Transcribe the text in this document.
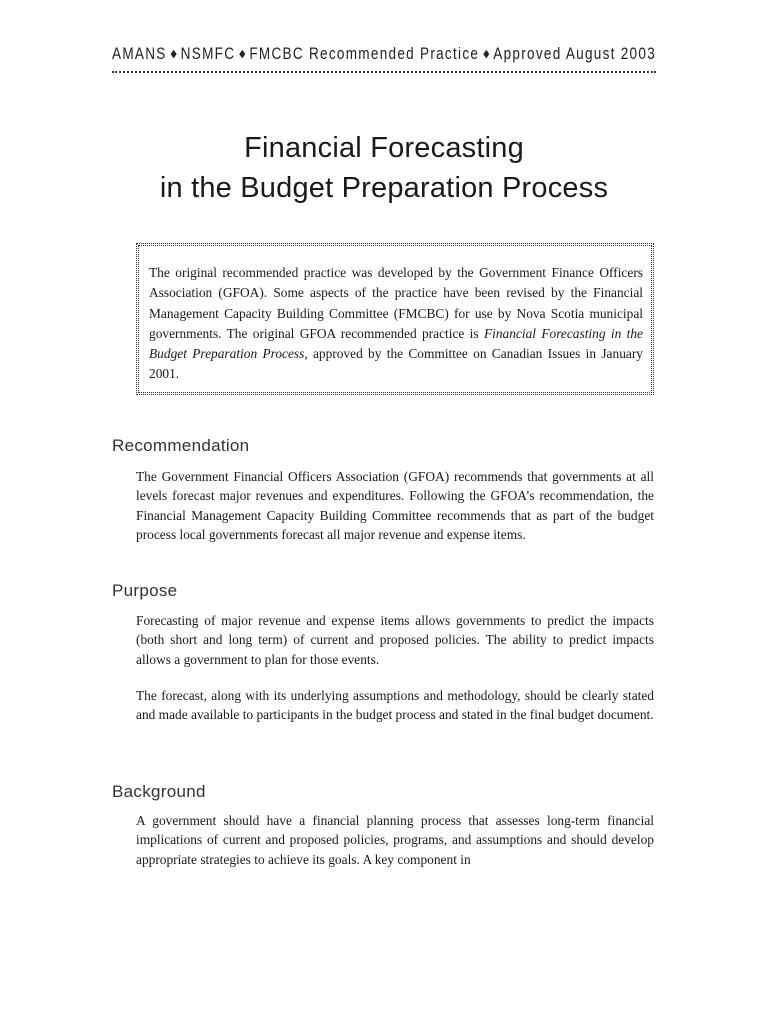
AMANS ◆ NSMFC ◆ FMCBC Recommended Practice ◆ Approved August 2003
Financial Forecasting
in the Budget Preparation Process
The original recommended practice was developed by the Government Finance Officers Association (GFOA). Some aspects of the practice have been revised by the Financial Management Capacity Building Committee (FMCBC) for use by Nova Scotia municipal governments. The original GFOA recommended practice is Financial Forecasting in the Budget Preparation Process, approved by the Committee on Canadian Issues in January 2001.
Recommendation

The Government Financial Officers Association (GFOA) recommends that governments at all levels forecast major revenues and expenditures. Following the GFOA’s recommendation, the Financial Management Capacity Building Committee recommends that as part of the budget process local governments forecast all major revenue and expense items.

Purpose

Forecasting of major revenue and expense items allows governments to predict the impacts (both short and long term) of current and proposed policies. The ability to predict impacts allows a government to plan for those events.

The forecast, along with its underlying assumptions and methodology, should be clearly stated and made available to participants in the budget process and stated in the final budget document.

Background

A government should have a financial planning process that assesses long-term financial implications of current and proposed policies, programs, and assumptions and should develop appropriate strategies to achieve its goals. A key component in
